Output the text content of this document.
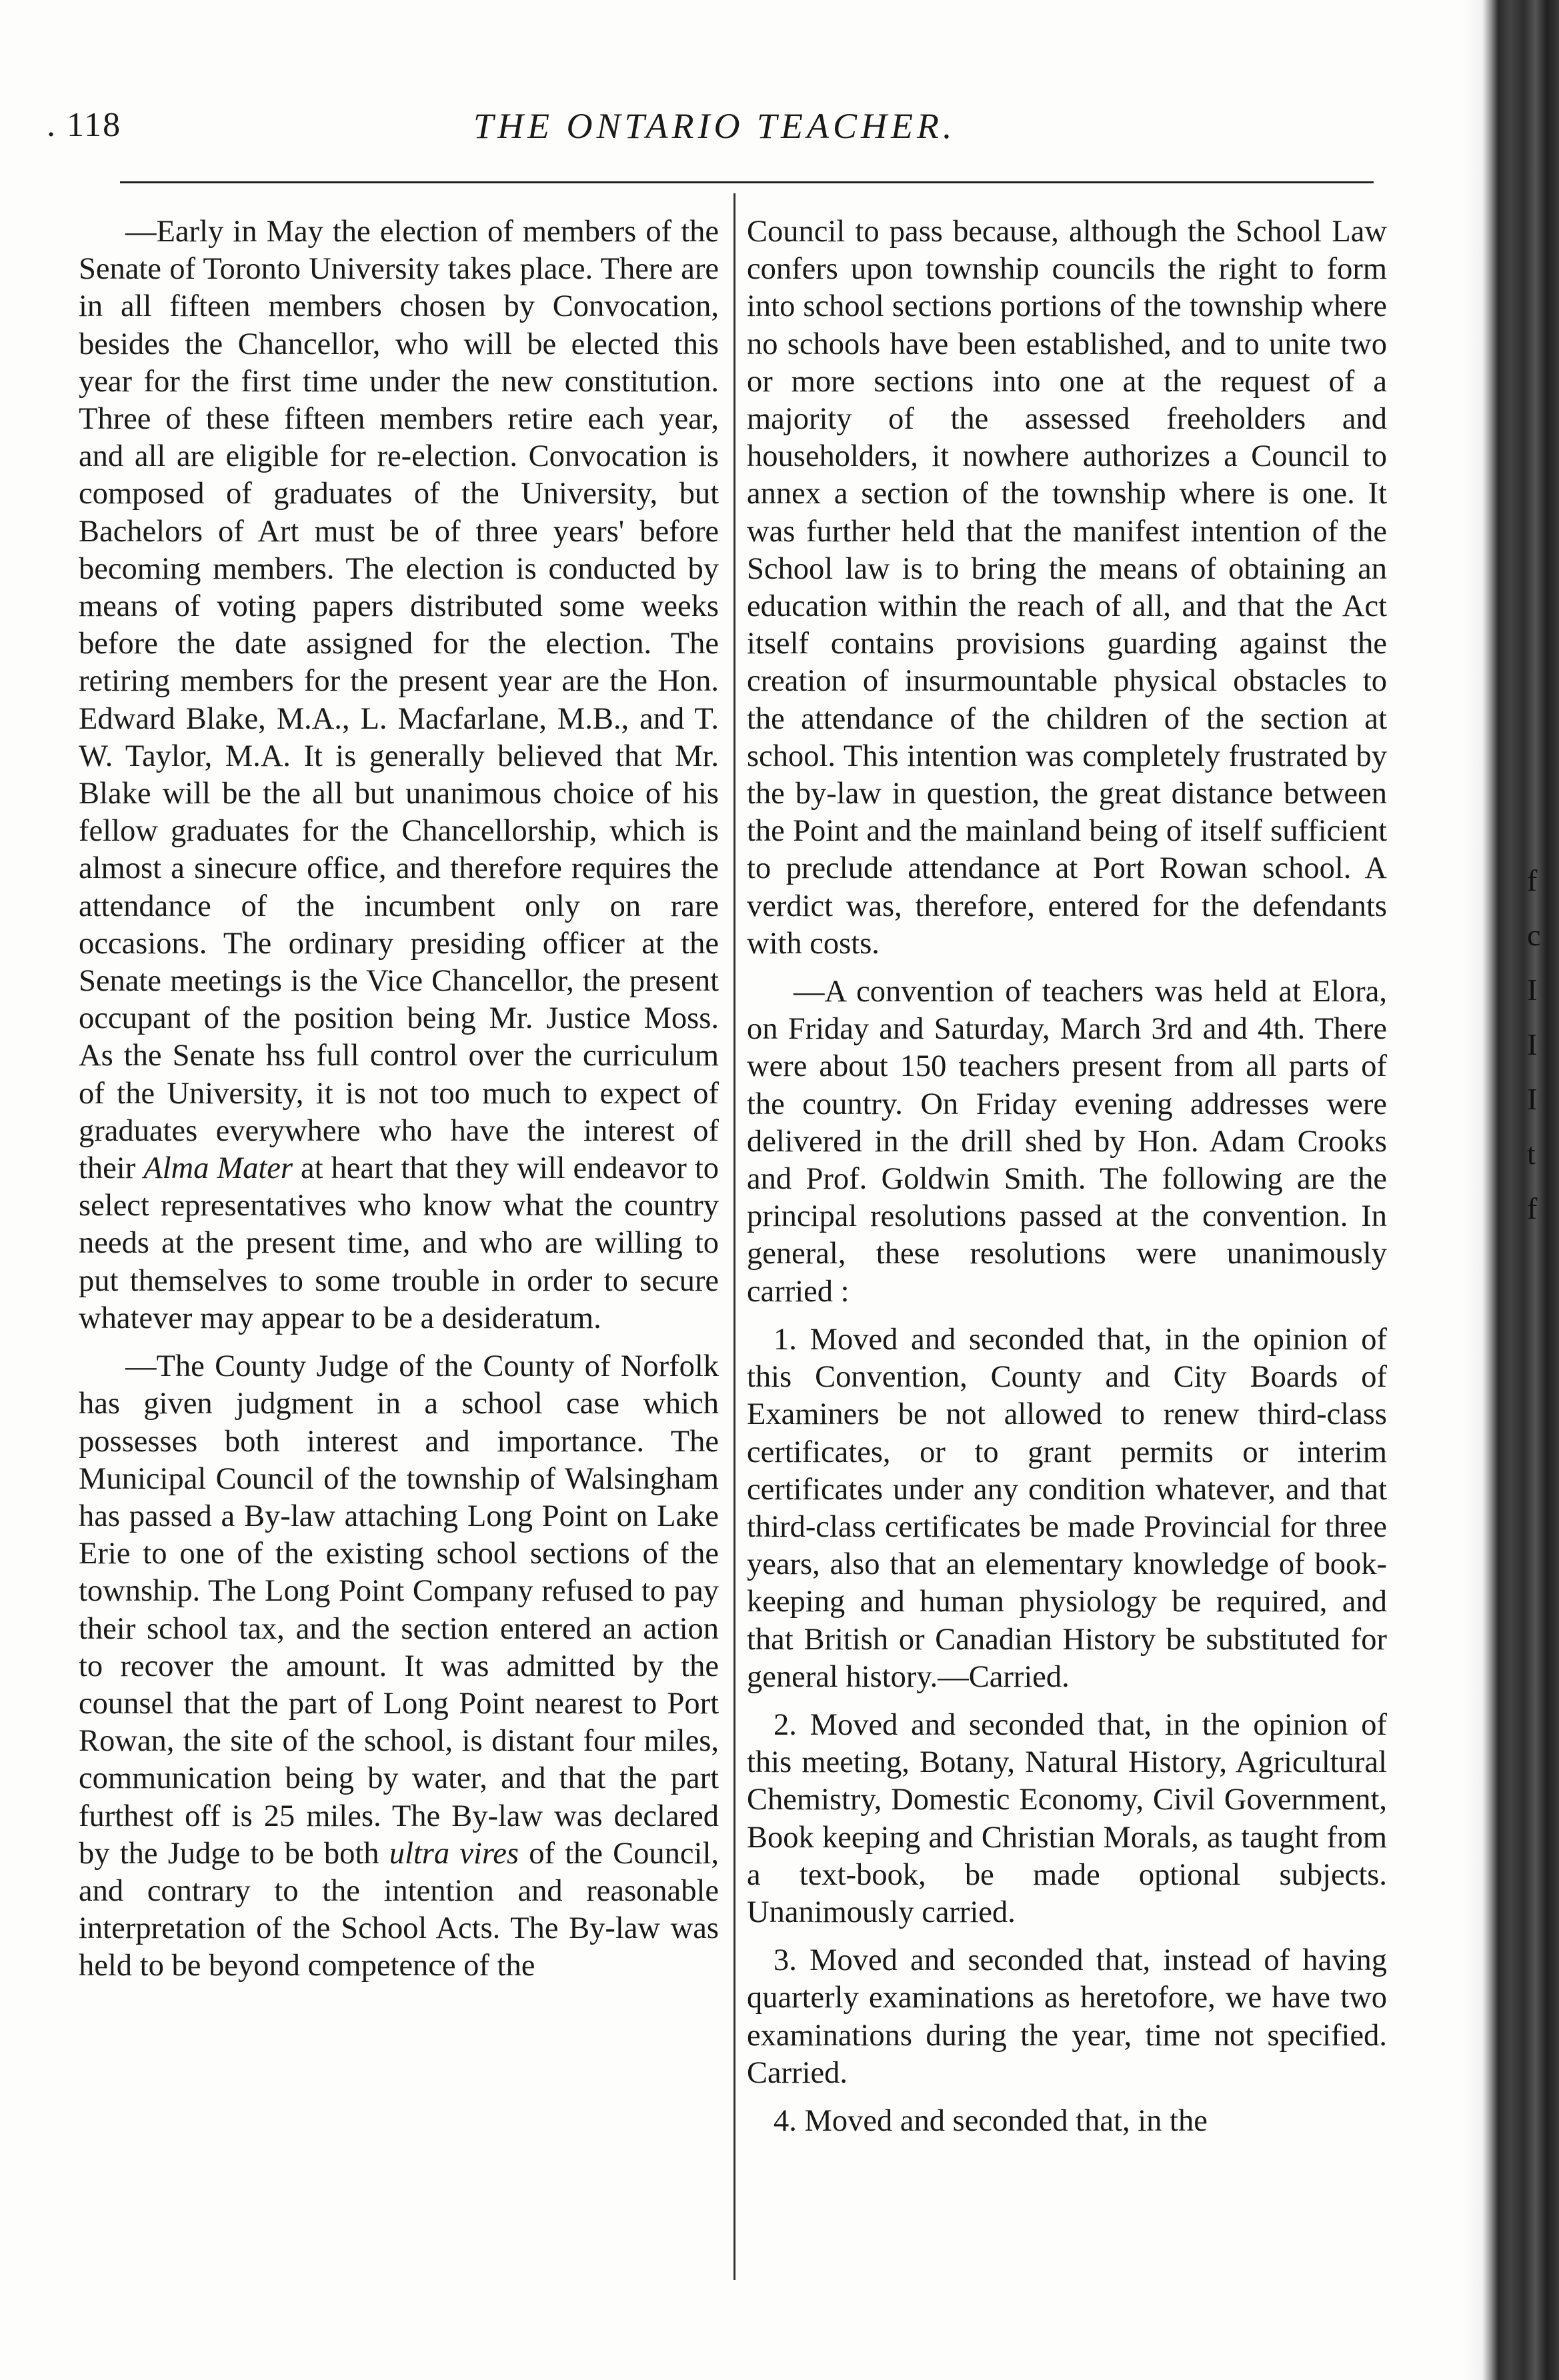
f
c
I
I
I
t
f
. 118	THE ONTARIO TEACHER.

—Early in May the election of members of the Senate of Toronto University takes place. There are in all fifteen members chosen by Convocation, besides the Chancellor, who will be elected this year for the first time under the new constitution. Three of these fifteen members retire each year, and all are eligible for re-election. Convocation is composed of graduates of the University, but Bachelors of Art must be of three years' before becoming members. The election is conducted by means of voting papers distributed some weeks before the date assigned for the election. The retiring members for the present year are the Hon. Edward Blake, M.A., L. Macfarlane, M.B., and T. W. Taylor, M.A. It is generally believed that Mr. Blake will be the all but unanimous choice of his fellow graduates for the Chancellorship, which is almost a sinecure office, and therefore requires the attendance of the incumbent only on rare occasions. The ordinary presiding officer at the Senate meetings is the Vice Chancellor, the present occupant of the position being Mr. Justice Moss. As the Senate hss full control over the curriculum of the University, it is not too much to expect of graduates everywhere who have the interest of their Alma Mater at heart that they will endeavor to select representatives who know what the country needs at the present time, and who are willing to put themselves to some trouble in order to secure whatever may appear to be a desideratum.

—The County Judge of the County of Norfolk has given judgment in a school case which possesses both interest and importance. The Municipal Council of the township of Walsingham has passed a By-law attaching Long Point on Lake Erie to one of the existing school sections of the township. The Long Point Company refused to pay their school tax, and the section entered an action to recover the amount. It was admitted by the counsel that the part of Long Point nearest to Port Rowan, the site of the school, is distant four miles, communication being by water, and that the part furthest off is 25 miles. The By-law was declared by the Judge to be both ultra vires of the Council, and contrary to the intention and reasonable interpretation of the School Acts. The By-law was held to be beyond competence of the

Council to pass because, although the School Law confers upon township councils the right to form into school sections portions of the township where no schools have been established, and to unite two or more sections into one at the request of a majority of the assessed freeholders and householders, it nowhere authorizes a Council to annex a section of the township where is one. It was further held that the manifest intention of the School law is to bring the means of obtaining an education within the reach of all, and that the Act itself contains provisions guarding against the creation of insurmountable physical obstacles to the attendance of the children of the section at school. This intention was completely frustrated by the by-law in question, the great distance between the Point and the mainland being of itself sufficient to preclude attendance at Port Rowan school. A verdict was, therefore, entered for the defendants with costs.

—A convention of teachers was held at Elora, on Friday and Saturday, March 3rd and 4th. There were about 150 teachers present from all parts of the country. On Friday evening addresses were delivered in the drill shed by Hon. Adam Crooks and Prof. Goldwin Smith. The following are the principal resolutions passed at the convention. In general, these resolutions were unanimously carried :

1. Moved and seconded that, in the opinion of this Convention, County and City Boards of Examiners be not allowed to renew third-class certificates, or to grant permits or interim certificates under any condition whatever, and that third-class certificates be made Provincial for three years, also that an elementary knowledge of book-keeping and human physiology be required, and that British or Canadian History be substituted for general history.—Carried.

2. Moved and seconded that, in the opinion of this meeting, Botany, Natural History, Agricultural Chemistry, Domestic Economy, Civil Government, Book keeping and Christian Morals, as taught from a text-book, be made optional subjects. Unanimously carried.

3. Moved and seconded that, instead of having quarterly examinations as heretofore, we have two examinations during the year, time not specified. Carried.

4. Moved and seconded that, in the
